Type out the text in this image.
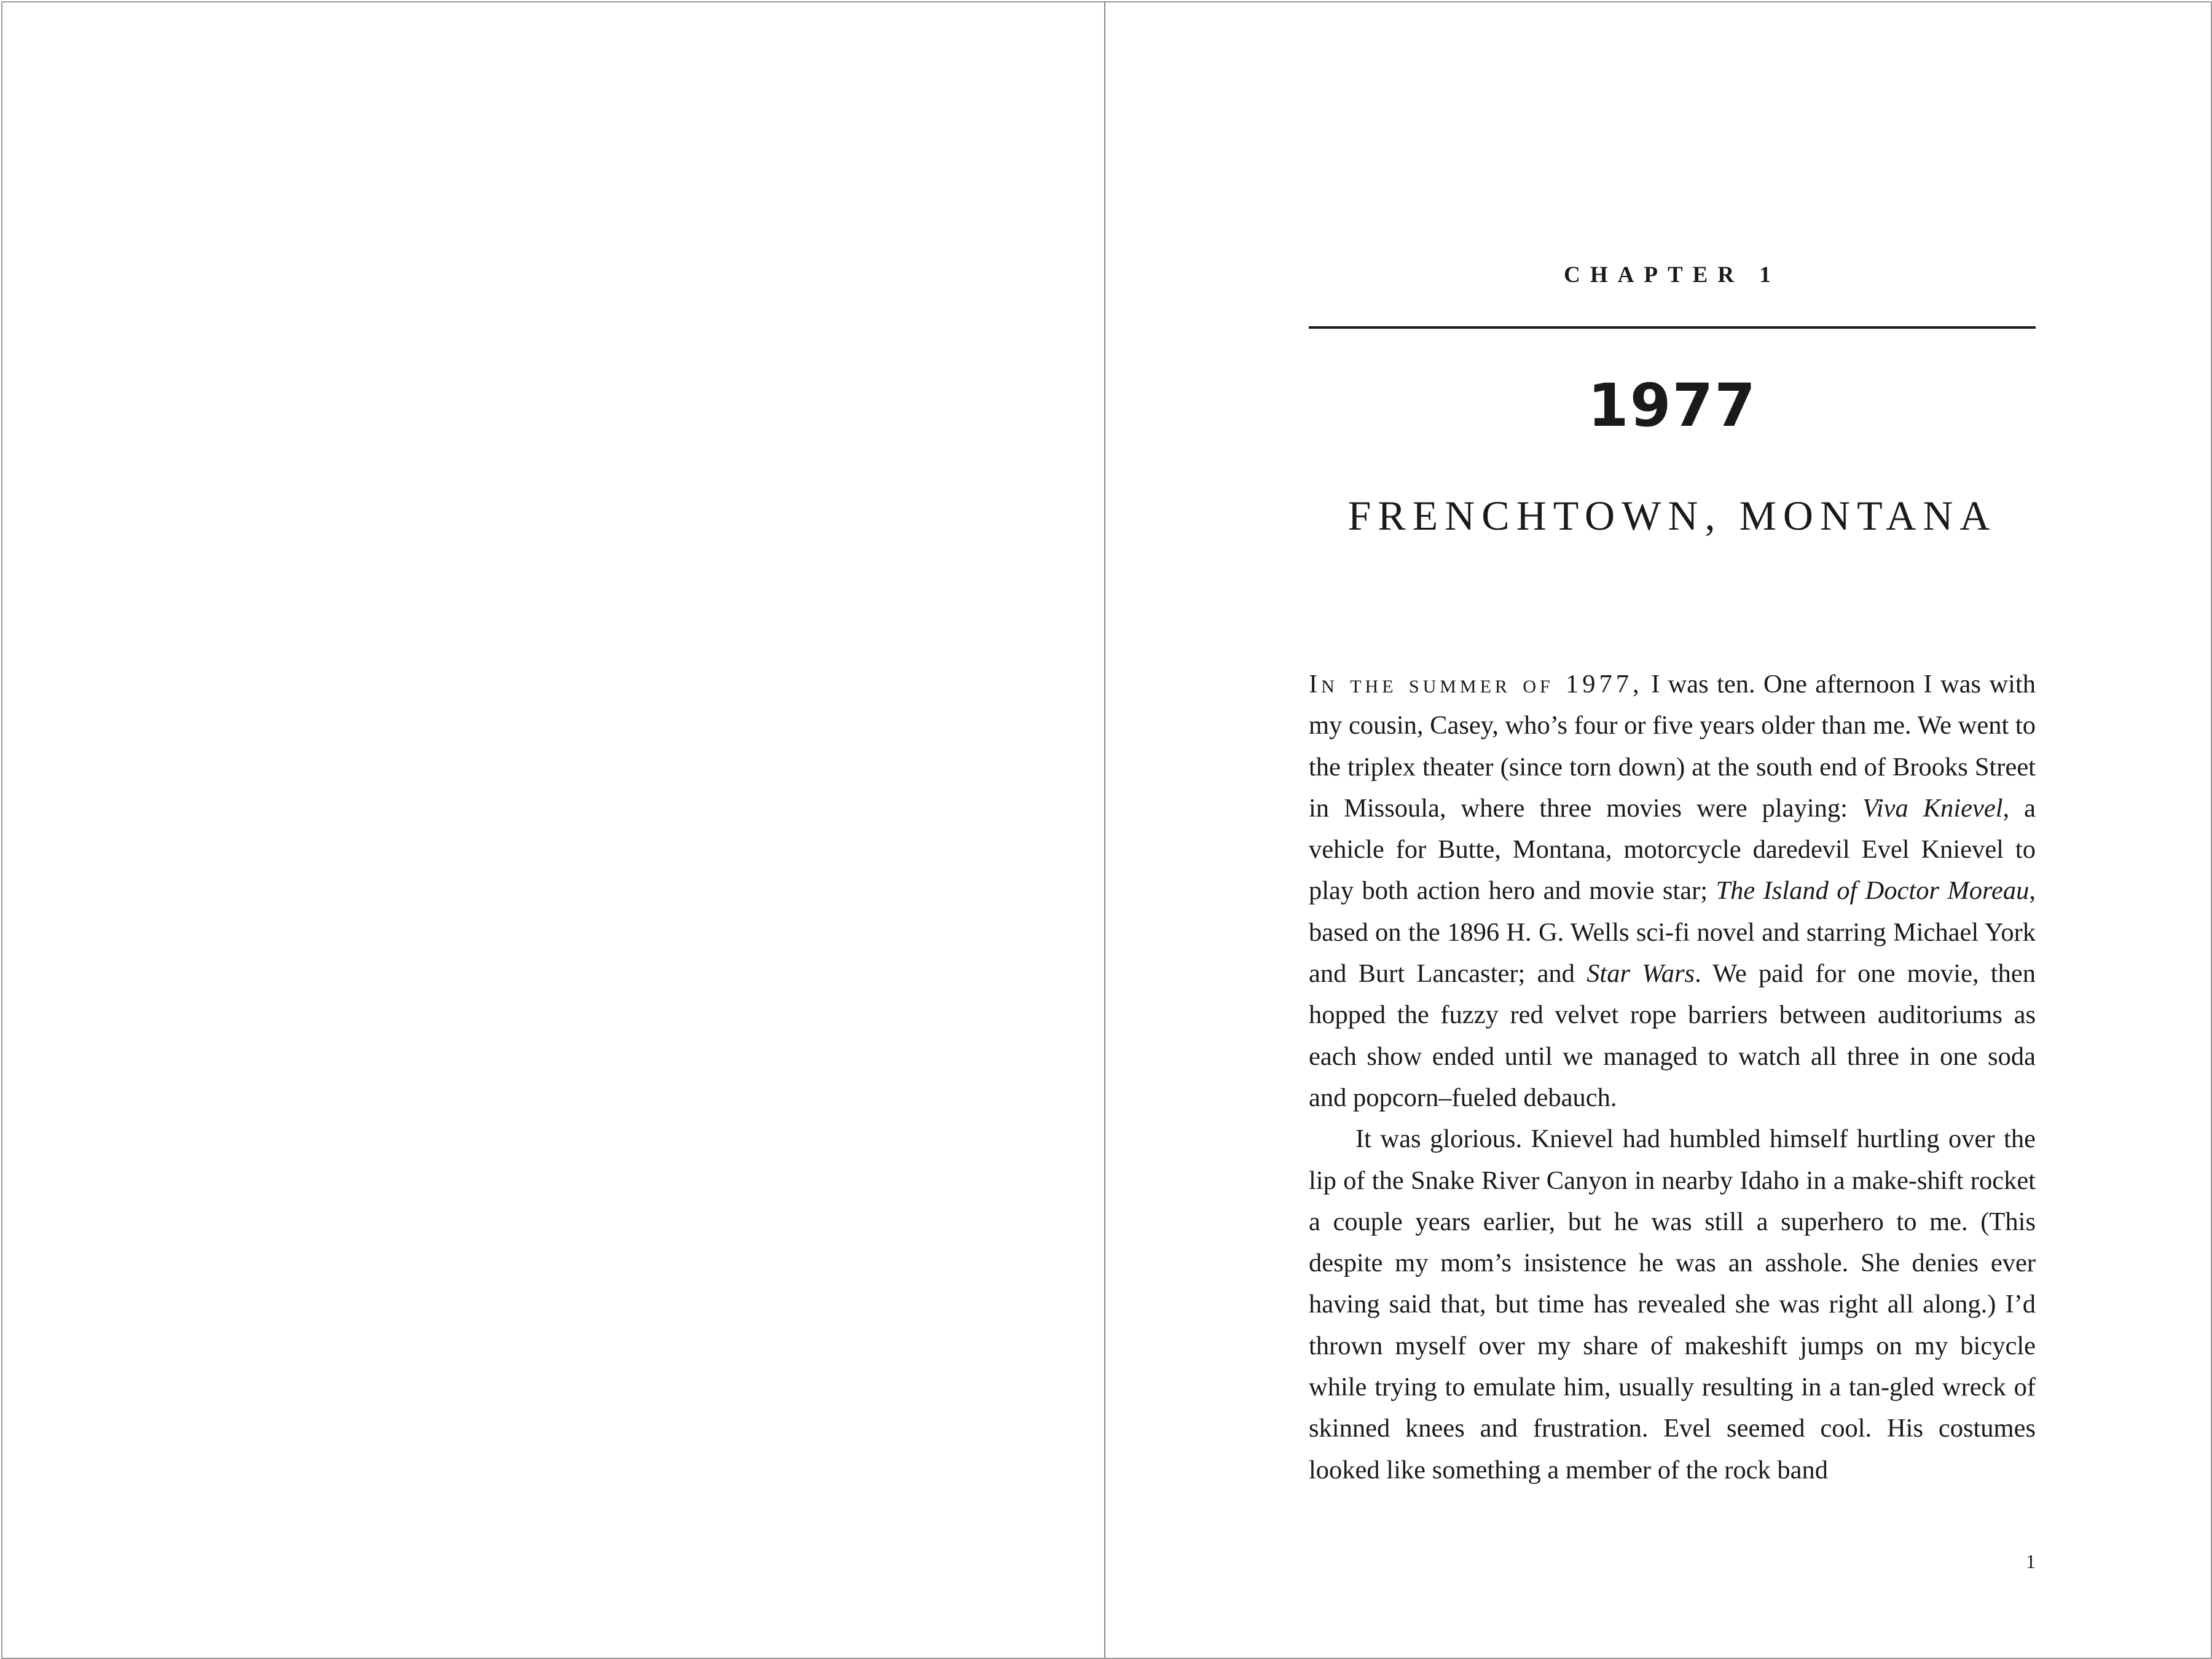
CHAPTER 1
1977
FRENCHTOWN, MONTANA

In the summer of 1977, I was ten. One afternoon I was with my cousin, Casey, who’s four or five years older than me. We went to the triplex theater (since torn down) at the south end of Brooks Street in Missoula, where three movies were playing: Viva Knievel, a vehicle for Butte, Montana, motorcycle daredevil Evel Knievel to play both action hero and movie star; The Island of Doctor Moreau, based on the 1896 H. G. Wells sci-fi novel and starring Michael York and Burt Lancaster; and Star Wars. We paid for one movie, then hopped the fuzzy red velvet rope barriers between auditoriums as each show ended until we managed to watch all three in one soda and popcorn–fueled debauch.

It was glorious. Knievel had humbled himself hurtling over the lip of the Snake River Canyon in nearby Idaho in a make-shift rocket a couple years earlier, but he was still a superhero to me. (This despite my mom’s insistence he was an asshole. She denies ever having said that, but time has revealed she was right all along.) I’d thrown myself over my share of makeshift jumps on my bicycle while trying to emulate him, usually resulting in a tan-gled wreck of skinned knees and frustration. Evel seemed cool. His costumes looked like something a member of the rock band

1
